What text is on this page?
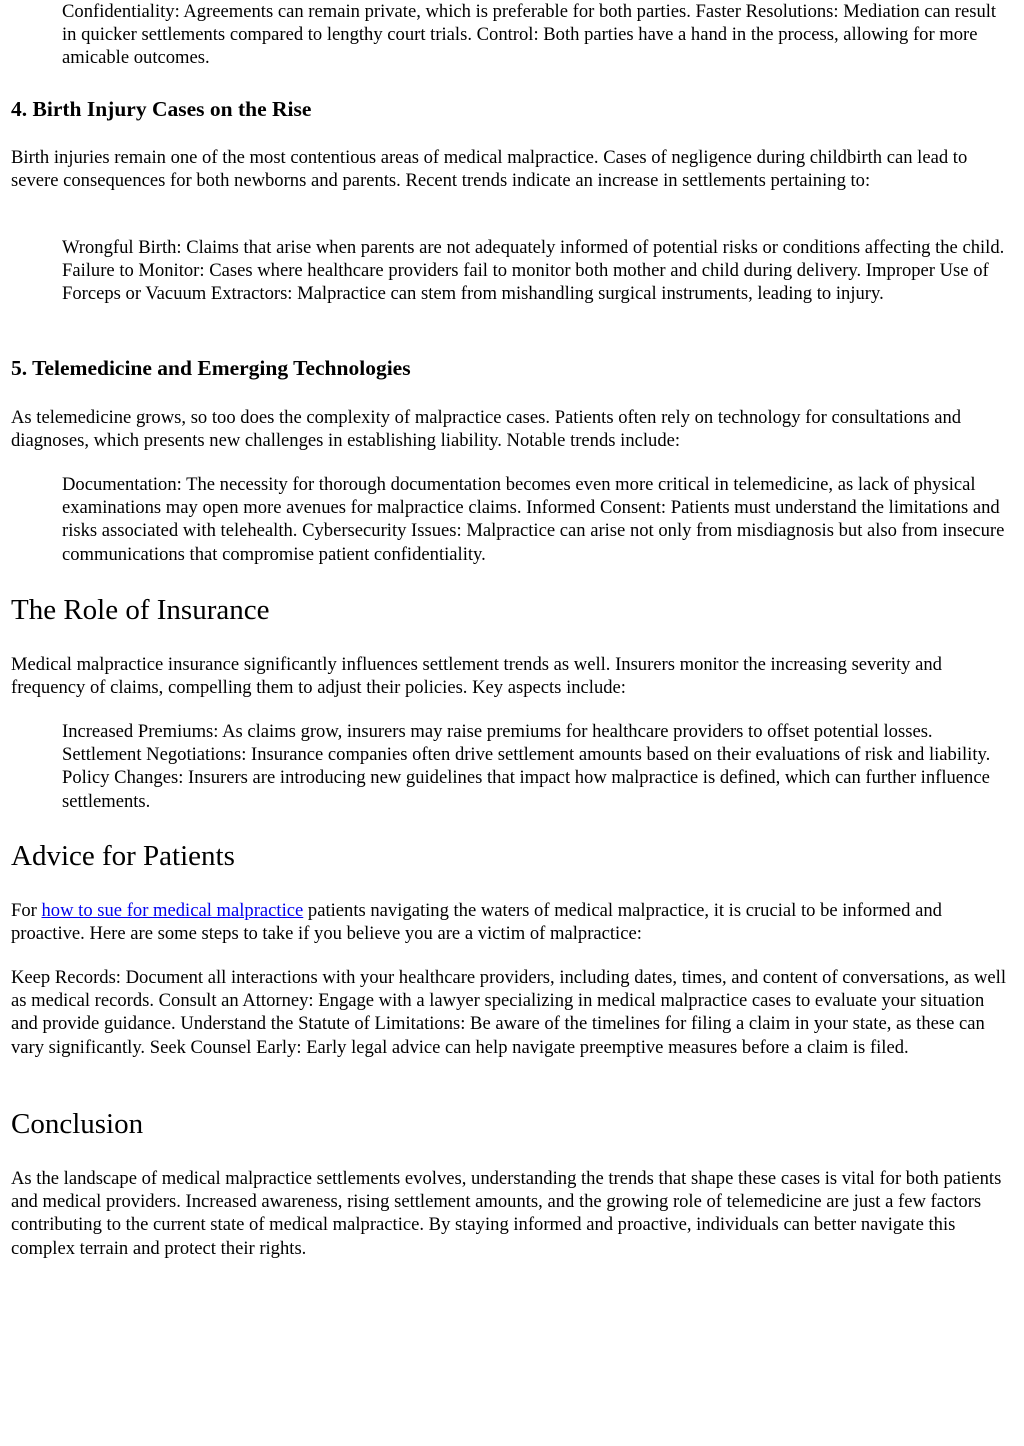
Confidentiality: Agreements can remain private, which is preferable for both parties. Faster Resolutions: Mediation can result in quicker settlements compared to lengthy court trials. Control: Both parties have a hand in the process, allowing for more amicable outcomes.

4. Birth Injury Cases on the Rise

Birth injuries remain one of the most contentious areas of medical malpractice. Cases of negligence during childbirth can lead to severe consequences for both newborns and parents. Recent trends indicate an increase in settlements pertaining to:

Wrongful Birth: Claims that arise when parents are not adequately informed of potential risks or conditions affecting the child. Failure to Monitor: Cases where healthcare providers fail to monitor both mother and child during delivery. Improper Use of Forceps or Vacuum Extractors: Malpractice can stem from mishandling surgical instruments, leading to injury.

5. Telemedicine and Emerging Technologies

As telemedicine grows, so too does the complexity of malpractice cases. Patients often rely on technology for consultations and diagnoses, which presents new challenges in establishing liability. Notable trends include:

Documentation: The necessity for thorough documentation becomes even more critical in telemedicine, as lack of physical examinations may open more avenues for malpractice claims. Informed Consent: Patients must understand the limitations and risks associated with telehealth. Cybersecurity Issues: Malpractice can arise not only from misdiagnosis but also from insecure communications that compromise patient confidentiality.

The Role of Insurance

Medical malpractice insurance significantly influences settlement trends as well. Insurers monitor the increasing severity and frequency of claims, compelling them to adjust their policies. Key aspects include:

Increased Premiums: As claims grow, insurers may raise premiums for healthcare providers to offset potential losses. Settlement Negotiations: Insurance companies often drive settlement amounts based on their evaluations of risk and liability. Policy Changes: Insurers are introducing new guidelines that impact how malpractice is defined, which can further influence settlements.

Advice for Patients

For how to sue for medical malpractice patients navigating the waters of medical malpractice, it is crucial to be informed and proactive. Here are some steps to take if you believe you are a victim of malpractice:

Keep Records: Document all interactions with your healthcare providers, including dates, times, and content of conversations, as well as medical records. Consult an Attorney: Engage with a lawyer specializing in medical malpractice cases to evaluate your situation and provide guidance. Understand the Statute of Limitations: Be aware of the timelines for filing a claim in your state, as these can vary significantly. Seek Counsel Early: Early legal advice can help navigate preemptive measures before a claim is filed.

Conclusion

As the landscape of medical malpractice settlements evolves, understanding the trends that shape these cases is vital for both patients and medical providers. Increased awareness, rising settlement amounts, and the growing role of telemedicine are just a few factors contributing to the current state of medical malpractice. By staying informed and proactive, individuals can better navigate this complex terrain and protect their rights.
